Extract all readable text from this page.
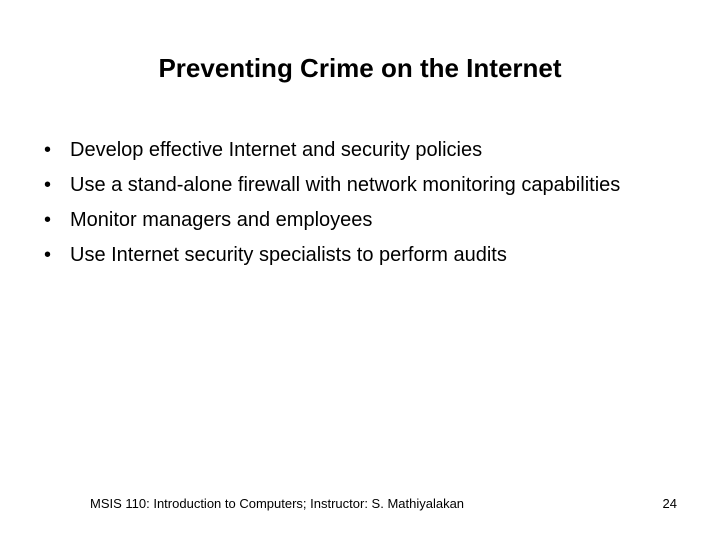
Preventing Crime on the Internet
• Develop effective Internet and security policies
• Use a stand-alone firewall with network monitoring capabilities
• Monitor managers and employees
• Use Internet security specialists to perform audits
MSIS 110: Introduction to Computers; Instructor: S. Mathiyalakan	24
